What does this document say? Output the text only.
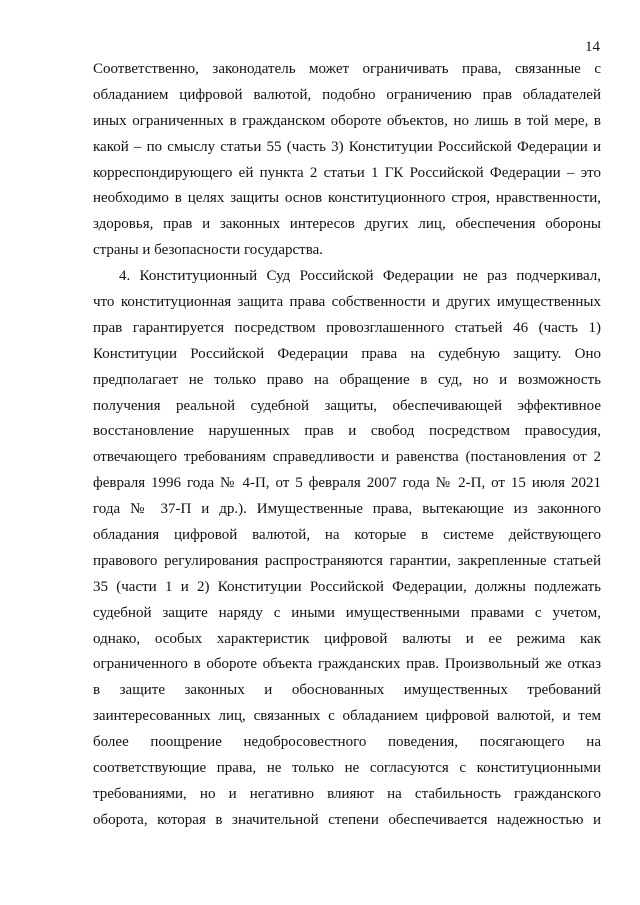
14
Соответственно, законодатель может ограничивать права, связанные с
обладанием цифровой валютой, подобно ограничению прав обладателей
иных ограниченных в гражданском обороте объектов, но лишь в той мере, в
какой – по смыслу статьи 55 (часть 3) Конституции Российской Федерации и
корреспондирующего ей пункта 2 статьи 1 ГК Российской Федерации – это
необходимо в целях защиты основ конституционного строя, нравственности,
здоровья, прав и законных интересов других лиц, обеспечения обороны
страны и безопасности государства.
4. Конституционный Суд Российской Федерации не раз подчеркивал,
что конституционная защита права собственности и других имущественных
прав гарантируется посредством провозглашенного статьей 46 (часть 1)
Конституции Российской Федерации права на судебную защиту. Оно
предполагает не только право на обращение в суд, но и возможность
получения реальной судебной защиты, обеспечивающей эффективное
восстановление нарушенных прав и свобод посредством правосудия,
отвечающего требованиям справедливости и равенства (постановления от 2
февраля 1996 года № 4-П, от 5 февраля 2007 года № 2-П, от 15 июля 2021
года № 37-П и др.). Имущественные права, вытекающие из законного
обладания цифровой валютой, на которые в системе действующего
правового регулирования распространяются гарантии, закрепленные статьей
35 (части 1 и 2) Конституции Российской Федерации, должны подлежать
судебной защите наряду с иными имущественными правами с учетом,
однако, особых характеристик цифровой валюты и ее режима как
ограниченного в обороте объекта гражданских прав. Произвольный же отказ
в защите законных и обоснованных имущественных требований
заинтересованных лиц, связанных с обладанием цифровой валютой, и тем
более поощрение недобросовестного поведения, посягающего на
соответствующие права, не только не согласуются с конституционными
требованиями, но и негативно влияют на стабильность гражданского
оборота, которая в значительной степени обеспечивается надежностью и
